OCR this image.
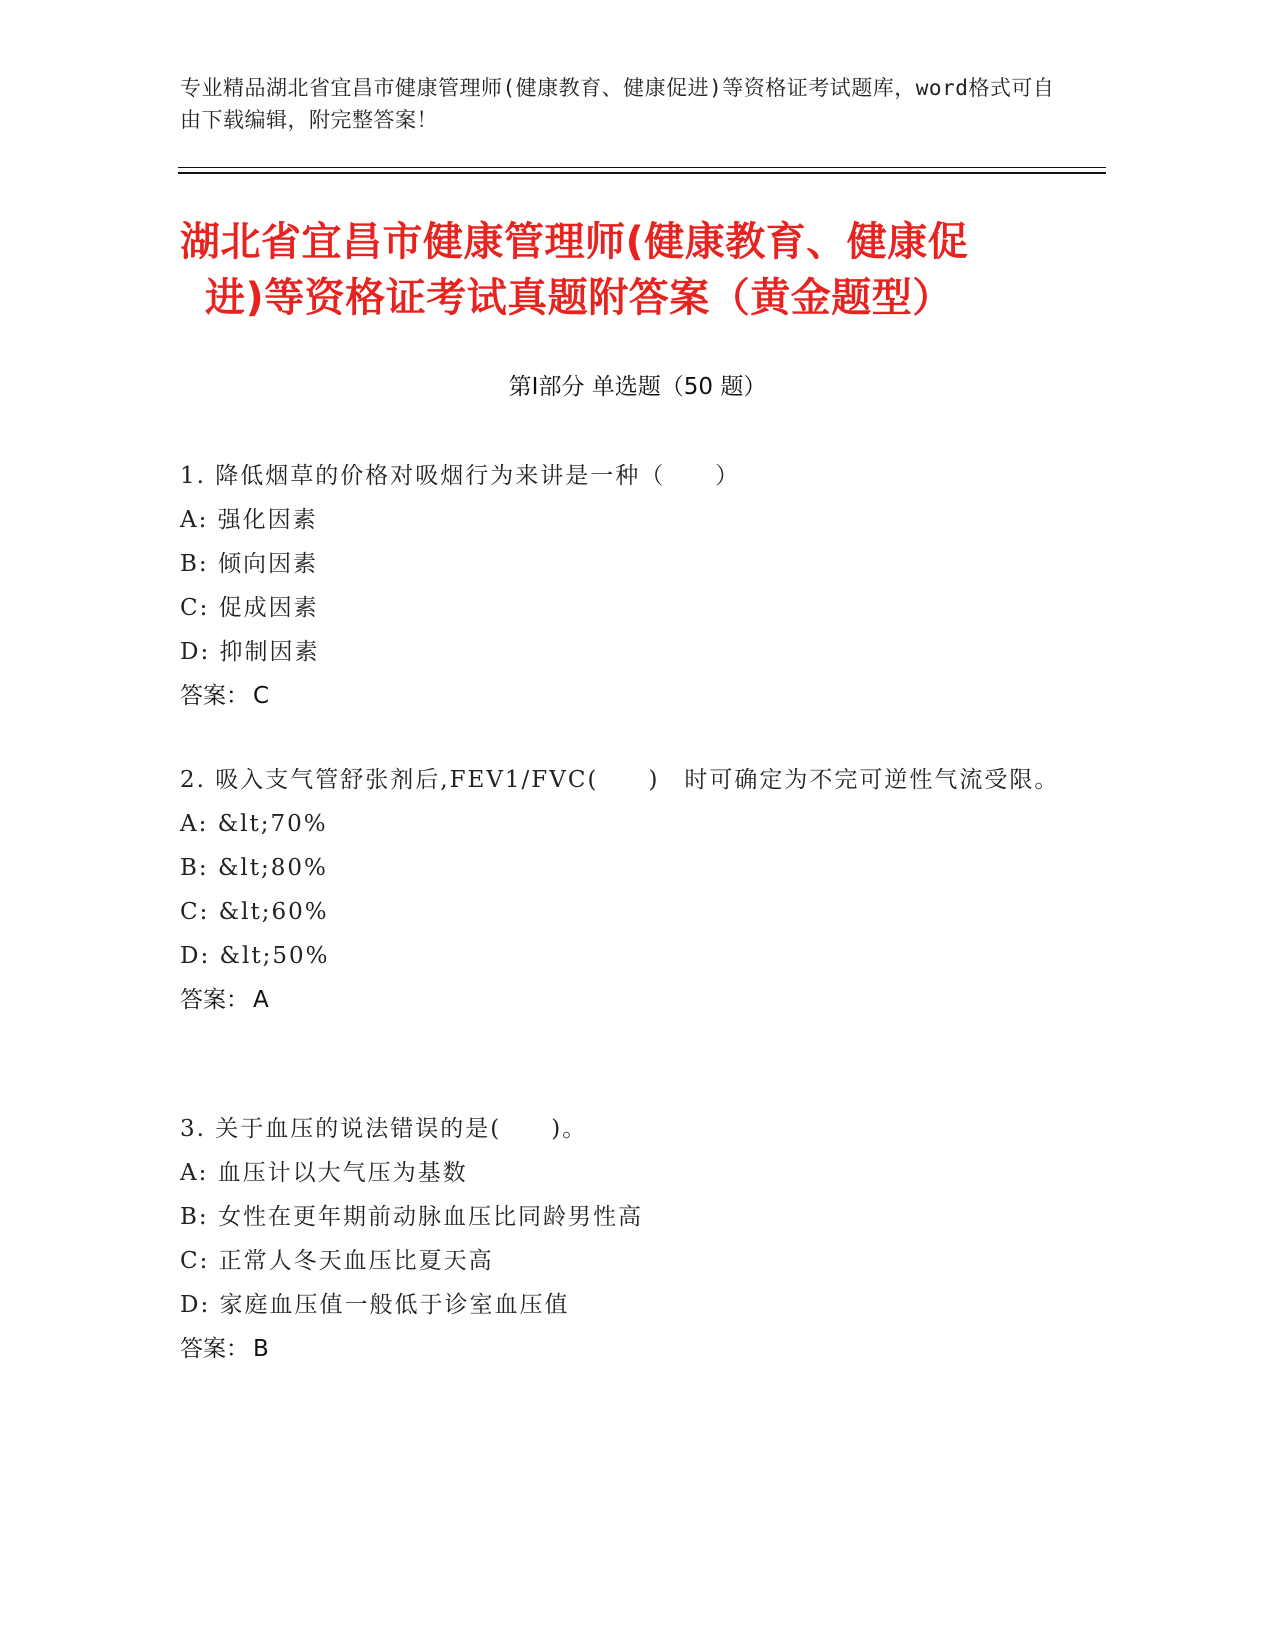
专业精品湖北省宜昌市健康管理师(健康教育、健康促进)等资格证考试题库，word格式可自由下载编辑，附完整答案！
湖北省宜昌市健康管理师(健康教育、健康促
进)等资格证考试真题附答案（黄金题型）
第Ⅰ部分 单选题（50 题）
1. 降低烟草的价格对吸烟行为来讲是一种（　　）
A: 强化因素
B: 倾向因素
C: 促成因素
D: 抑制因素
答案： C
2. 吸入支气管舒张剂后,FEV1/FVC(　　)　时可确定为不完可逆性气流受限。
A: &lt;70%
B: &lt;80%
C: &lt;60%
D: &lt;50%
答案： A
3. 关于血压的说法错误的是(　　)。
A: 血压计以大气压为基数
B: 女性在更年期前动脉血压比同龄男性高
C: 正常人冬天血压比夏天高
D: 家庭血压值一般低于诊室血压值
答案： B
